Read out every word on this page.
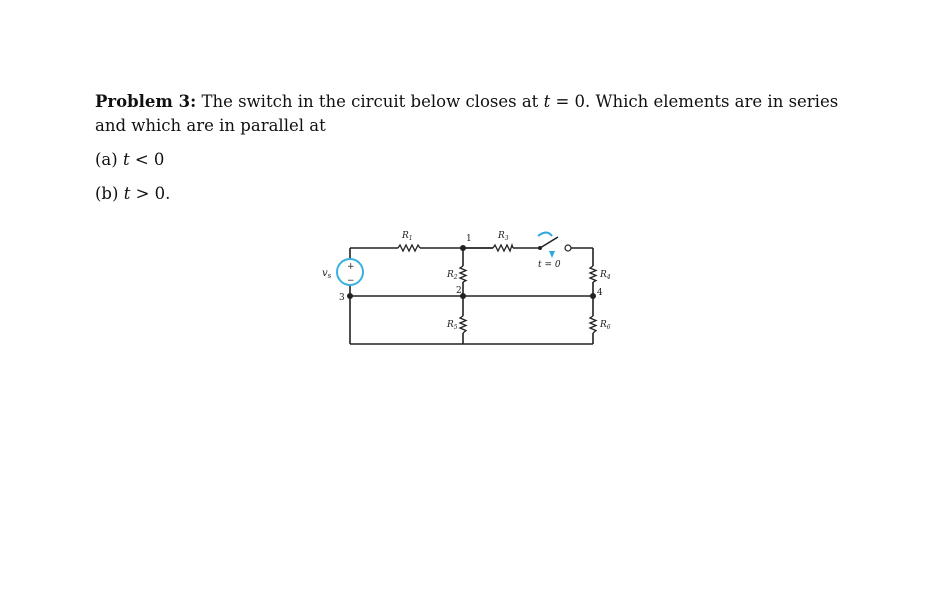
Problem 3: The switch in the circuit below closes at t = 0. Which elements are in series
and which are in parallel at
(a) t < 0
(b) t > 0.
+
−
$v_s$
t = 0
1
2
3	4
$R_1$	$R_3$
$R_2$	$R_4$
$R_5$	$R_6$
